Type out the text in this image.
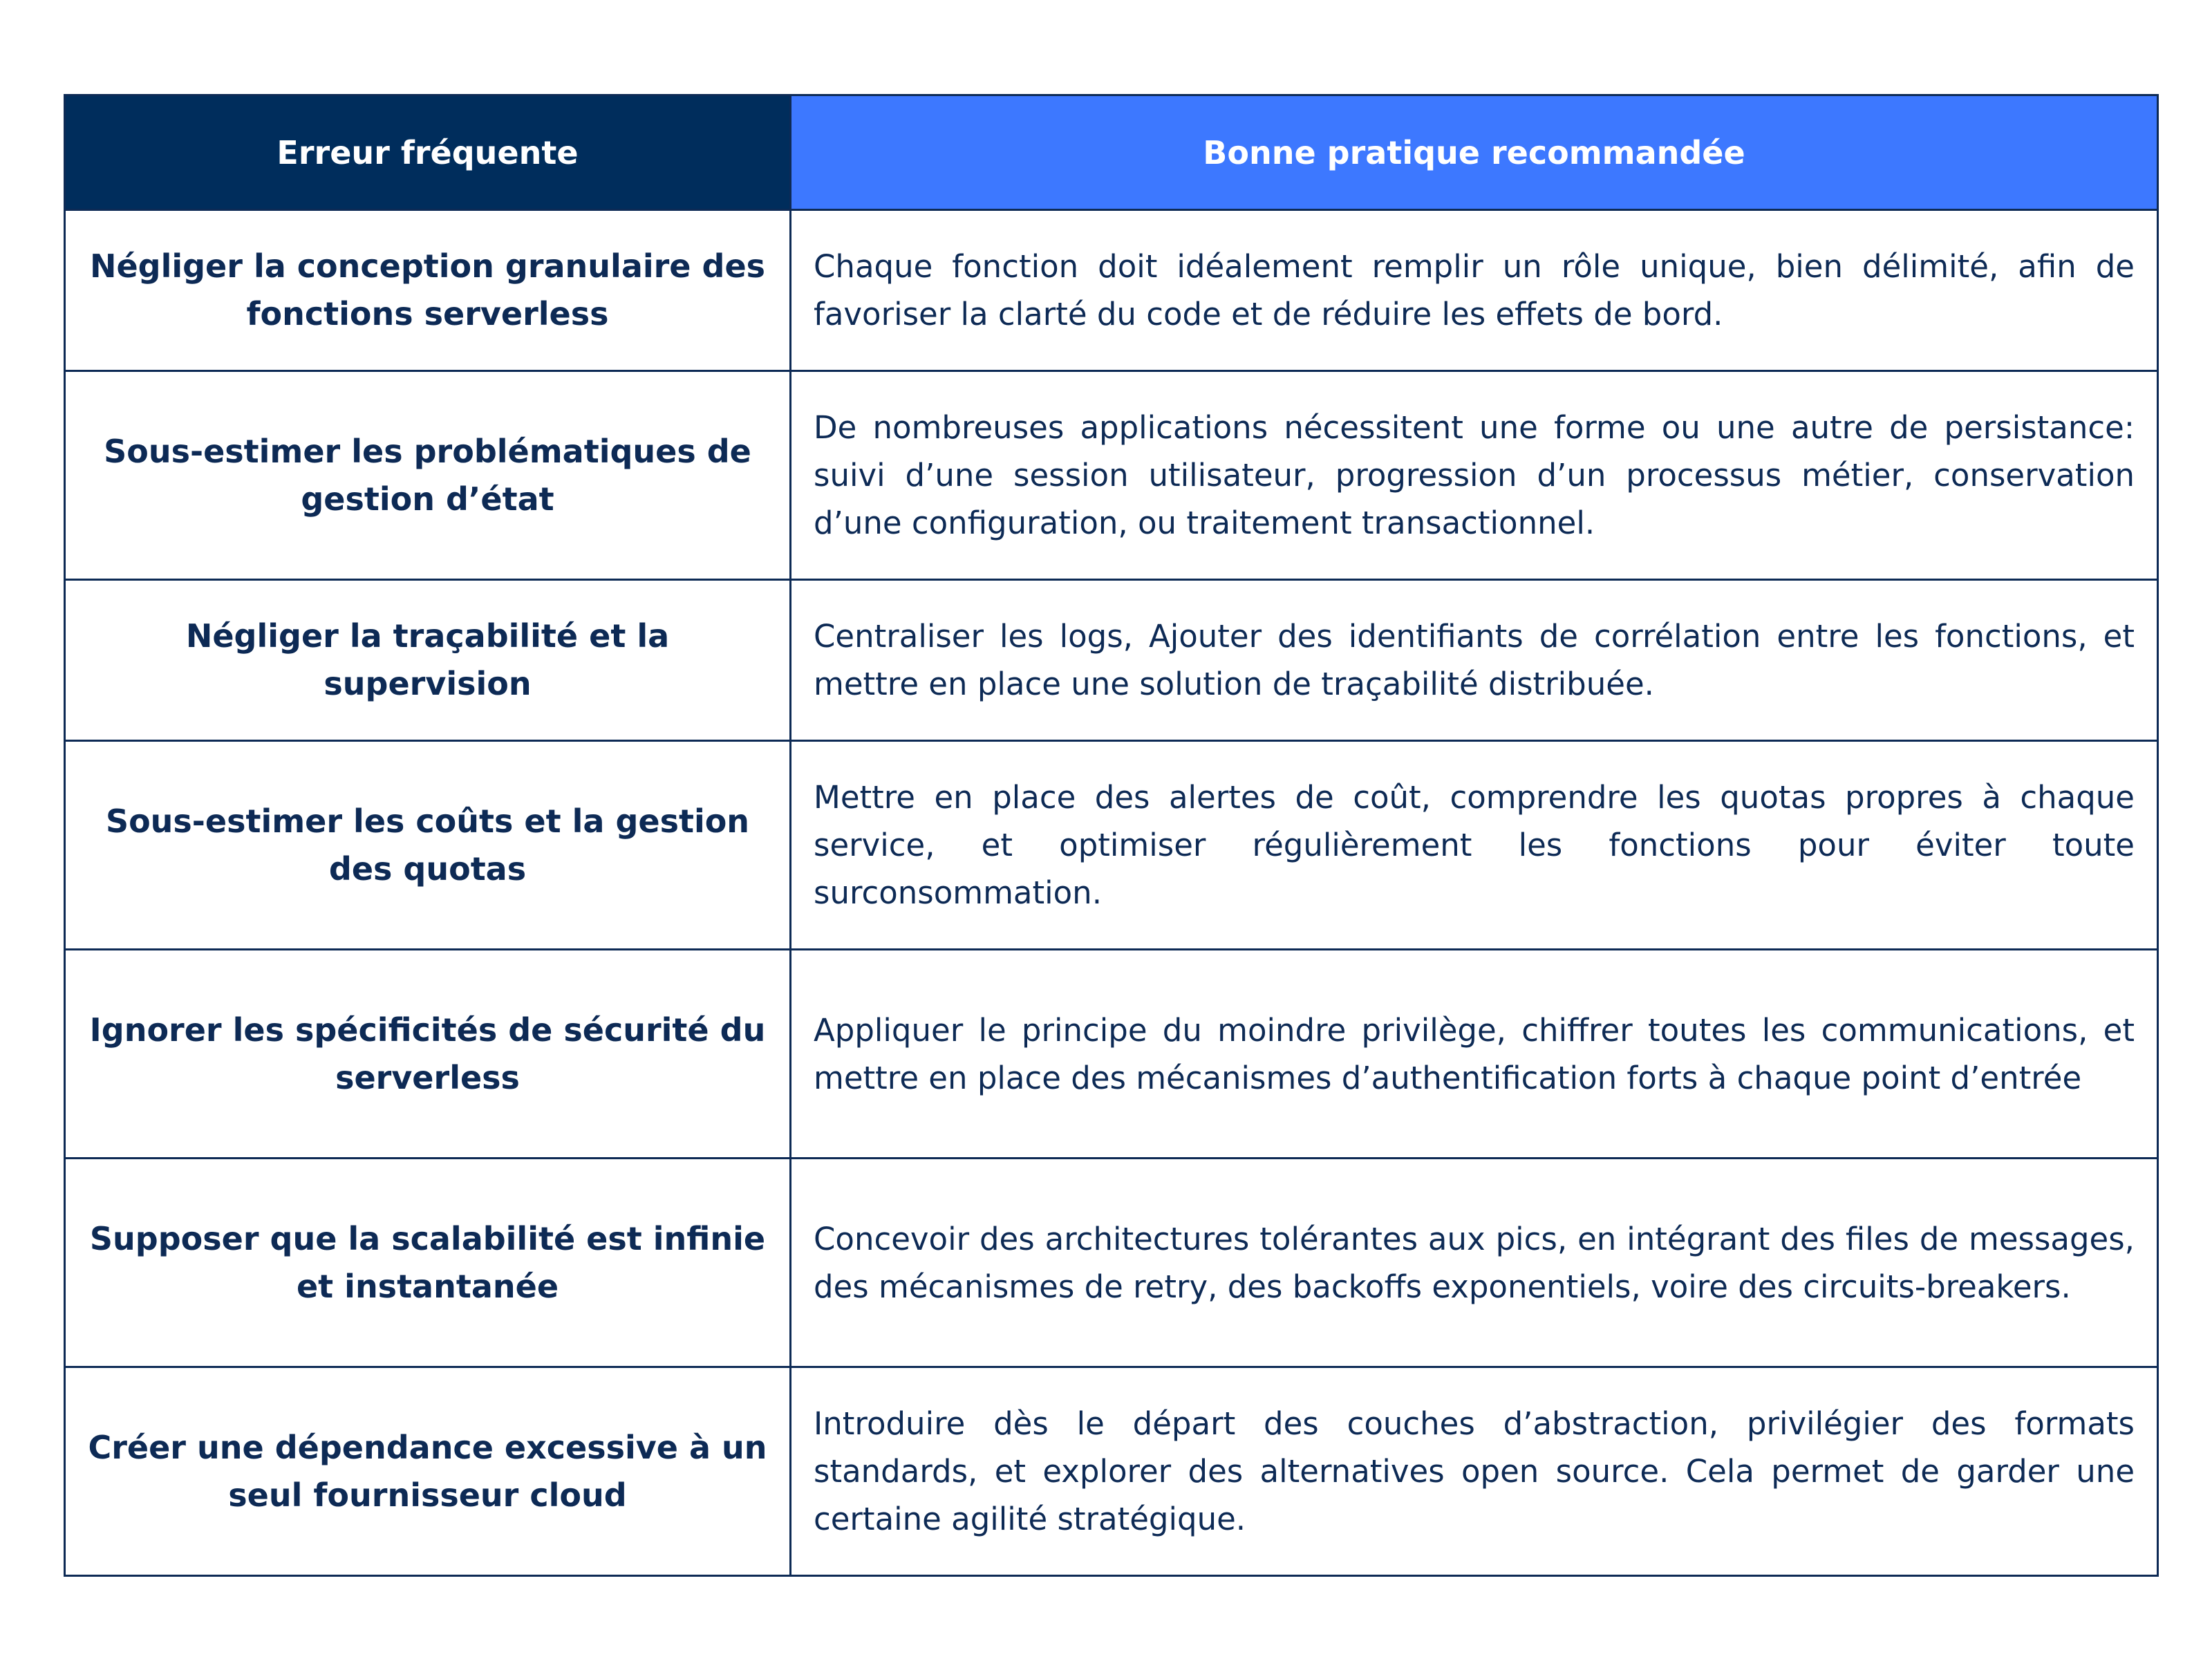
Erreur fréquente	Bonne pratique recommandée
Négliger la conception granulaire des fonctions serverless	Chaque fonction doit idéalement remplir un rôle unique, bien délimité, afin de favoriser la clarté du code et de réduire les effets de bord.
Sous-estimer les problématiques de gestion d’état	De nombreuses applications nécessitent une forme ou une autre de persistance: suivi d’une session utilisateur, progression d’un processus métier, conservation d’une configuration, ou traitement transactionnel.
Négliger la traçabilité et la supervision	Centraliser les logs, Ajouter des identifiants de corrélation entre les fonctions, et mettre en place une solution de traçabilité distribuée.
Sous-estimer les coûts et la gestion des quotas	Mettre en place des alertes de coût, comprendre les quotas propres à chaque service, et optimiser régulièrement les fonctions pour éviter toute surconsommation.
Ignorer les spécificités de sécurité du serverless	Appliquer le principe du moindre privilège, chiffrer toutes les communications, et mettre en place des mécanismes d’authentification forts à chaque point d’entrée
Supposer que la scalabilité est infinie et instantanée	Concevoir des architectures tolérantes aux pics, en intégrant des files de messages, des mécanismes de retry, des backoffs exponentiels, voire des circuits-breakers.
Créer une dépendance excessive à un seul fournisseur cloud	Introduire dès le départ des couches d’abstraction, privilégier des formats standards, et explorer des alternatives open source. Cela permet de garder une certaine agilité stratégique.
